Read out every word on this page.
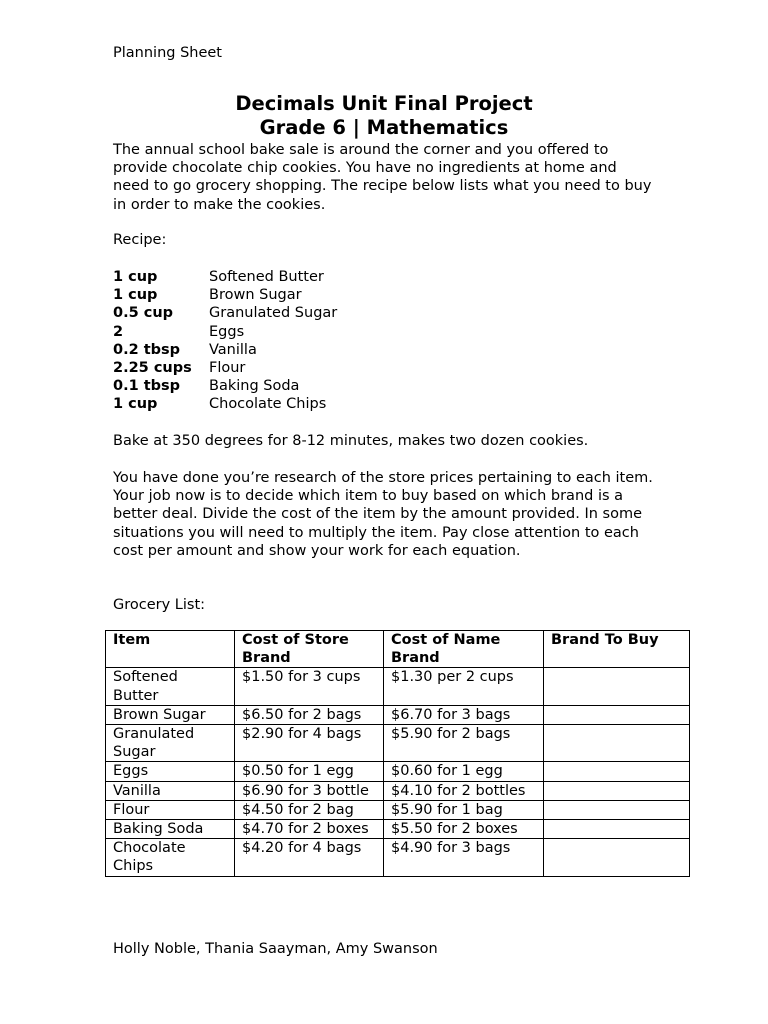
Planning Sheet
Decimals Unit Final Project
Grade 6 | Mathematics
The annual school bake sale is around the corner and you offered to provide chocolate chip cookies. You have no ingredients at home and need to go grocery shopping. The recipe below lists what you need to buy in order to make the cookies.
Recipe:
1 cup	Softened Butter
1 cup	Brown Sugar
0.5 cup	Granulated Sugar
2	Eggs
0.2 tbsp	Vanilla
2.25 cups	Flour
0.1 tbsp	Baking Soda
1 cup	Chocolate Chips
Bake at 350 degrees for 8-12 minutes, makes two dozen cookies.
You have done you’re research of the store prices pertaining to each item. Your job now is to decide which item to buy based on which brand is a better deal. Divide the cost of the item by the amount provided. In some situations you will need to multiply the item. Pay close attention to each cost per amount and show your work for each equation.
Grocery List:
Item	Cost of Store Brand	Cost of Name Brand	Brand To Buy
Softened Butter	$1.50 for 3 cups	$1.30 per 2 cups	
Brown Sugar	$6.50 for 2 bags	$6.70 for 3 bags	
Granulated Sugar	$2.90 for 4 bags	$5.90 for 2 bags	
Eggs	$0.50 for 1 egg	$0.60 for 1 egg	
Vanilla	$6.90 for 3 bottle	$4.10 for 2 bottles	
Flour	$4.50 for 2 bag	$5.90 for 1 bag	
Baking Soda	$4.70 for 2 boxes	$5.50 for 2 boxes	
Chocolate Chips	$4.20 for 4 bags	$4.90 for 3 bags	
Holly Noble, Thania Saayman, Amy Swanson
